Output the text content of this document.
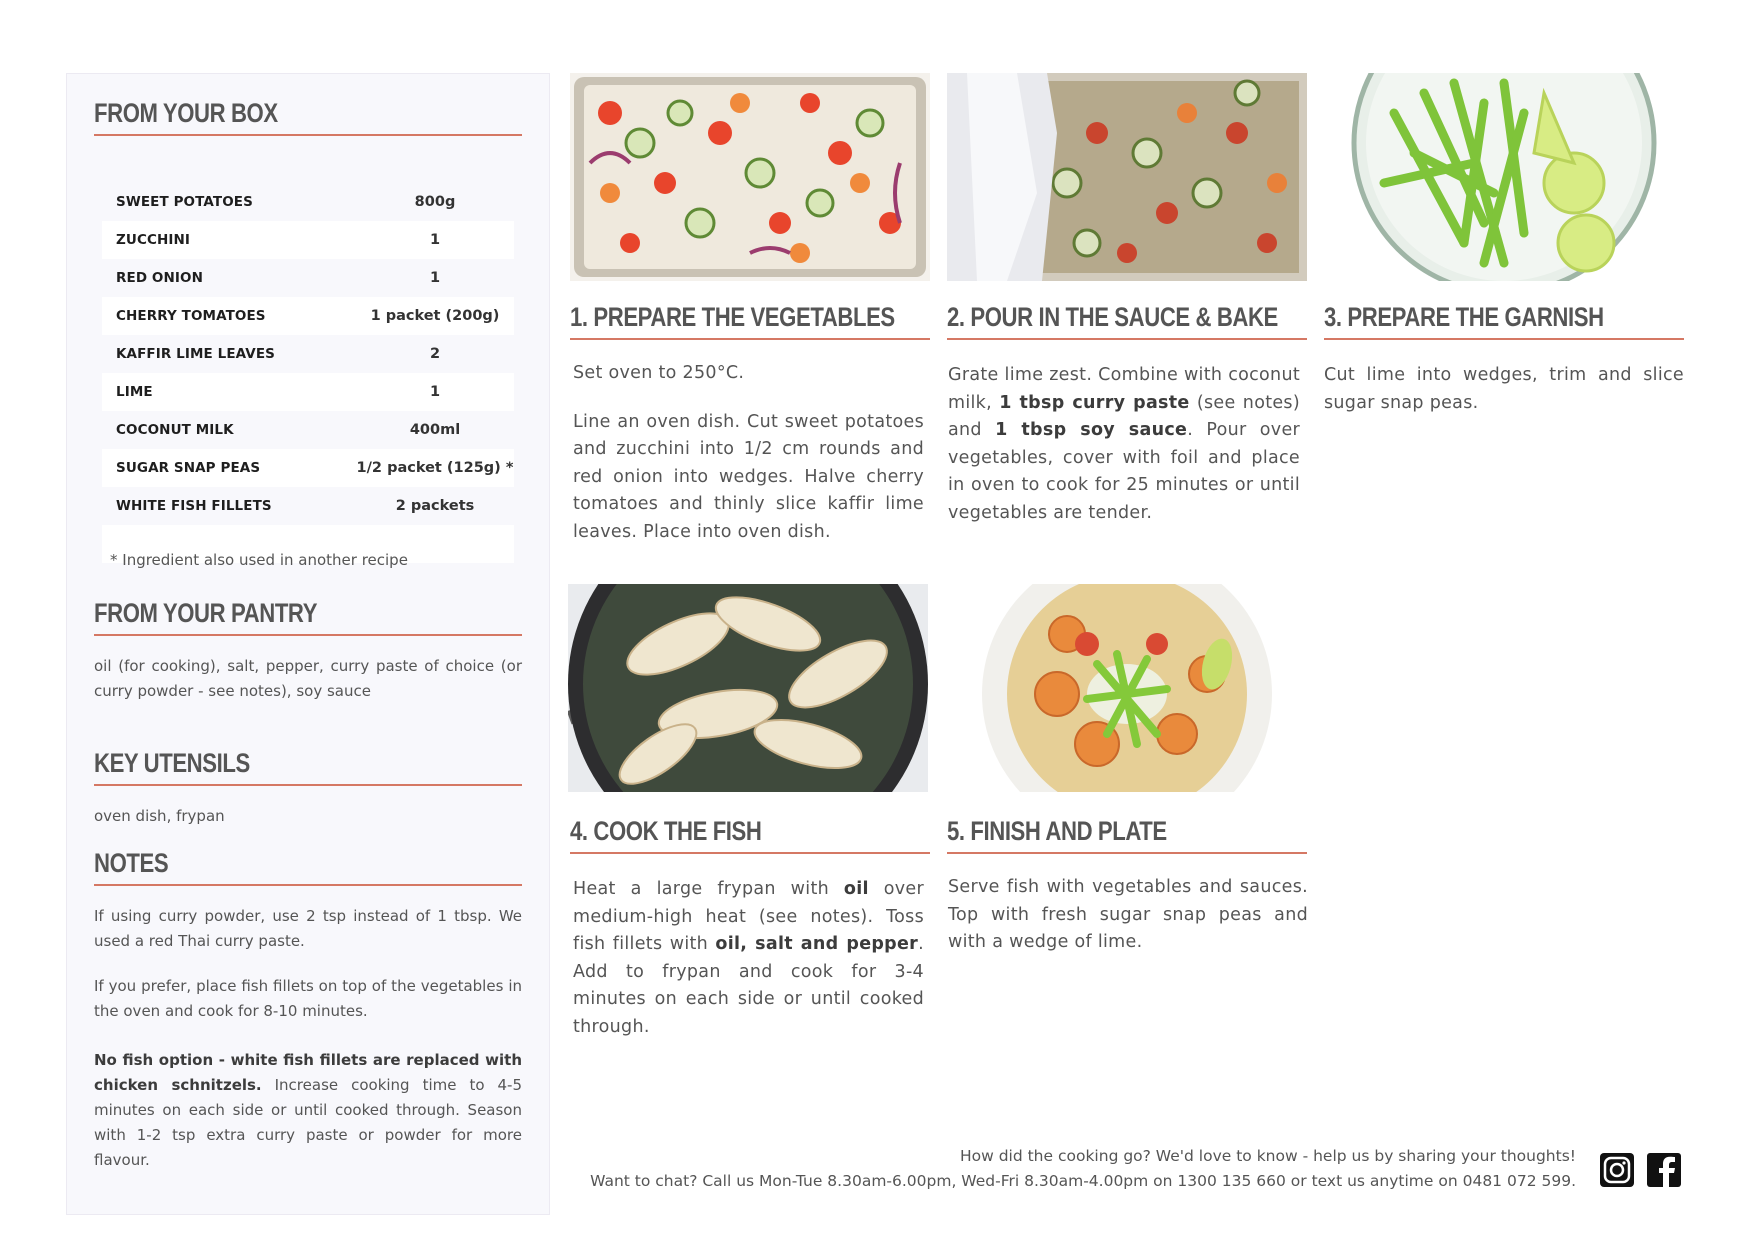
FROM YOUR BOX
SWEET POTATOES	800g
ZUCCHINI	1
RED ONION	1
CHERRY TOMATOES	1 packet (200g)
KAFFIR LIME LEAVES	2
LIME	1
COCONUT MILK	400ml
SUGAR SNAP PEAS	1/2 packet (125g) *
WHITE FISH FILLETS	2 packets
* Ingredient also used in another recipe
FROM YOUR PANTRY
oil (for cooking), salt, pepper, curry paste of choice (or curry powder - see notes), soy sauce
KEY UTENSILS
oven dish, frypan
NOTES
If using curry powder, use 2 tsp instead of 1 tbsp. We used a red Thai curry paste.
If you prefer, place fish fillets on top of the vegetables in the oven and cook for 8-10 minutes.
No fish option - white fish fillets are replaced with chicken schnitzels. Increase cooking time to 4-5 minutes on each side or until cooked through. Season with 1-2 tsp extra curry paste or powder for more flavour.
1. PREPARE THE VEGETABLES

Set oven to 250°C.

Line an oven dish. Cut sweet potatoes and zucchini into 1/2 cm rounds and red onion into wedges. Halve cherry tomatoes and thinly slice kaffir lime leaves. Place into oven dish.

2. POUR IN THE SAUCE & BAKE

Grate lime zest. Combine with coconut milk, 1 tbsp curry paste (see notes) and 1 tbsp soy sauce. Pour over vegetables, cover with foil and place in oven to cook for 25 minutes or until vegetables are tender.

3. PREPARE THE GARNISH
Cut lime into wedges, trim and slice sugar snap peas.
4. COOK THE FISH

Heat a large frypan with oil over medium-high heat (see notes). Toss fish fillets with oil, salt and pepper. Add to frypan and cook for 3-4 minutes on each side or until cooked through.

5. FINISH AND PLATE
Serve fish with vegetables and sauces. Top with fresh sugar snap peas and with a wedge of lime.
How did the cooking go? We'd love to know - help us by sharing your thoughts!
Want to chat? Call us Mon-Tue 8.30am-6.00pm, Wed-Fri 8.30am-4.00pm on 1300 135 660 or text us anytime on 0481 072 599.
